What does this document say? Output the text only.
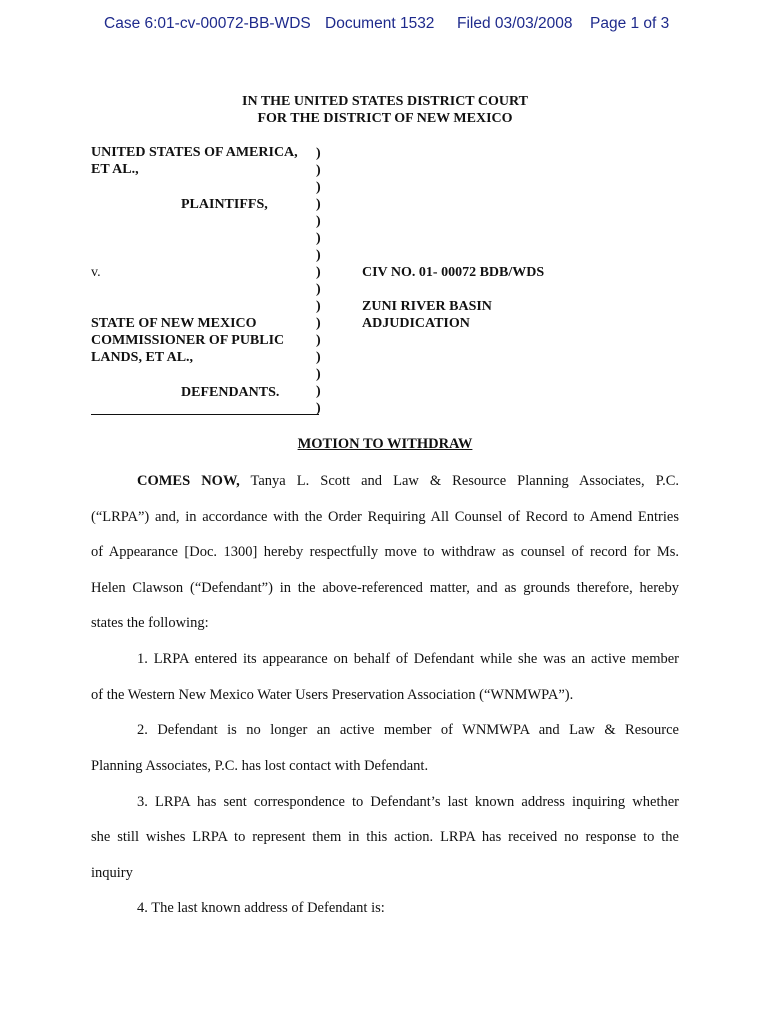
Case 6:01-cv-00072-BB-WDS Document 1532 Filed 03/03/2008 Page 1 of 3
IN THE UNITED STATES DISTRICT COURT
FOR THE DISTRICT OF NEW MEXICO
UNITED STATES OF AMERICA,
ET AL.,
PLAINTIFFS,
v.
STATE OF NEW MEXICO
COMMISSIONER OF PUBLIC
LANDS, ET AL.,
DEFENDANTS.
)
)
)
)
)
)
)
)
)
)
)
)
)
)
)
)
CIV NO. 01- 00072 BDB/WDS
ZUNI RIVER BASIN
ADJUDICATION
MOTION TO WITHDRAW
COMES NOW, Tanya L. Scott and Law & Resource Planning Associates, P.C.
(“LRPA”) and, in accordance with the Order Requiring All Counsel of Record to Amend Entries
of Appearance [Doc. 1300] hereby respectfully move to withdraw as counsel of record for Ms.
Helen Clawson (“Defendant”) in the above-referenced matter, and as grounds therefore, hereby
states the following:
1. LRPA entered its appearance on behalf of Defendant while she was an active member
of the Western New Mexico Water Users Preservation Association (“WNMWPA”).
2. Defendant is no longer an active member of WNMWPA and Law & Resource
Planning Associates, P.C. has lost contact with Defendant.
3. LRPA has sent correspondence to Defendant’s last known address inquiring whether
she still wishes LRPA to represent them in this action. LRPA has received no response to the
inquiry
4. The last known address of Defendant is:
